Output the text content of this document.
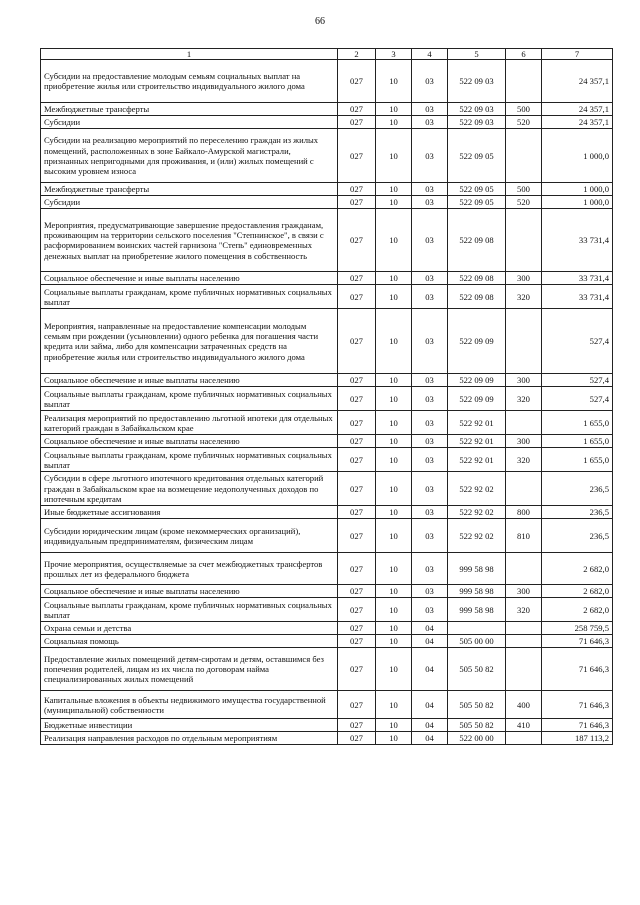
66
1	2	3	4	5	6	7
Субсидии на предоставление молодым семьям социальных выплат на приобретение жилья или строительство индивидуального жилого дома	027	10	03	522 09 03		24 357,1
Межбюджетные трансферты	027	10	03	522 09 03	500	24 357,1
Субсидии	027	10	03	522 09 03	520	24 357,1
Субсидии на реализацию мероприятий по переселению граждан из жилых помещений, расположенных в зоне Байкало-Амурской магистрали, признанных непригодными для проживания, и (или) жилых помещений с высоким уровнем износа	027	10	03	522 09 05		1 000,0
Межбюджетные трансферты	027	10	03	522 09 05	500	1 000,0
Субсидии	027	10	03	522 09 05	520	1 000,0
Мероприятия, предусматривающие завершение предоставления гражданам, проживающим на территории сельского поселения "Степнинское", в связи с расформированием воинских частей гарнизона "Степь" единовременных денежных выплат на приобретение жилого помещения в собственность	027	10	03	522 09 08		33 731,4
Социальное обеспечение и иные выплаты населению	027	10	03	522 09 08	300	33 731,4
Социальные выплаты гражданам, кроме публичных нормативных социальных выплат	027	10	03	522 09 08	320	33 731,4
Мероприятия, направленные на предоставление компенсации молодым семьям при рождении (усыновлении) одного ребенка для погашения части кредита или займа, либо для компенсации затраченных средств на приобретение жилья или строительство индивидуального жилого дома	027	10	03	522 09 09		527,4
Социальное обеспечение и иные выплаты населению	027	10	03	522 09 09	300	527,4
Социальные выплаты гражданам, кроме публичных нормативных социальных выплат	027	10	03	522 09 09	320	527,4
Реализация мероприятий по предоставлению льготной ипотеки для отдельных категорий граждан в Забайкальском крае	027	10	03	522 92 01		1 655,0
Социальное обеспечение и иные выплаты населению	027	10	03	522 92 01	300	1 655,0
Социальные выплаты гражданам, кроме публичных нормативных социальных выплат	027	10	03	522 92 01	320	1 655,0
Субсидии в сфере льготного ипотечного кредитования отдельных категорий граждан в Забайкальском крае на возмещение недополученных доходов по ипотечным кредитам	027	10	03	522 92 02		236,5
Иные бюджетные ассигнования	027	10	03	522 92 02	800	236,5
Субсидии юридическим лицам (кроме некоммерческих организаций), индивидуальным предпринимателям, физическим лицам	027	10	03	522 92 02	810	236,5
Прочие мероприятия, осуществляемые за счет межбюджетных трансфертов прошлых лет из федерального бюджета	027	10	03	999 58 98		2 682,0
Социальное обеспечение и иные выплаты населению	027	10	03	999 58 98	300	2 682,0
Социальные выплаты гражданам, кроме публичных нормативных социальных выплат	027	10	03	999 58 98	320	2 682,0
Охрана семьи и детства	027	10	04			258 759,5
Социальная помощь	027	10	04	505 00 00		71 646,3
Предоставление жилых помещений детям-сиротам и детям, оставшимся без попечения родителей, лицам из их числа по договорам найма специализированных жилых помещений	027	10	04	505 50 82		71 646,3
Капитальные вложения в объекты недвижимого имущества государственной (муниципальной) собственности	027	10	04	505 50 82	400	71 646,3
Бюджетные инвестиции	027	10	04	505 50 82	410	71 646,3
Реализация направления расходов по отдельным мероприятиям	027	10	04	522 00 00		187 113,2
